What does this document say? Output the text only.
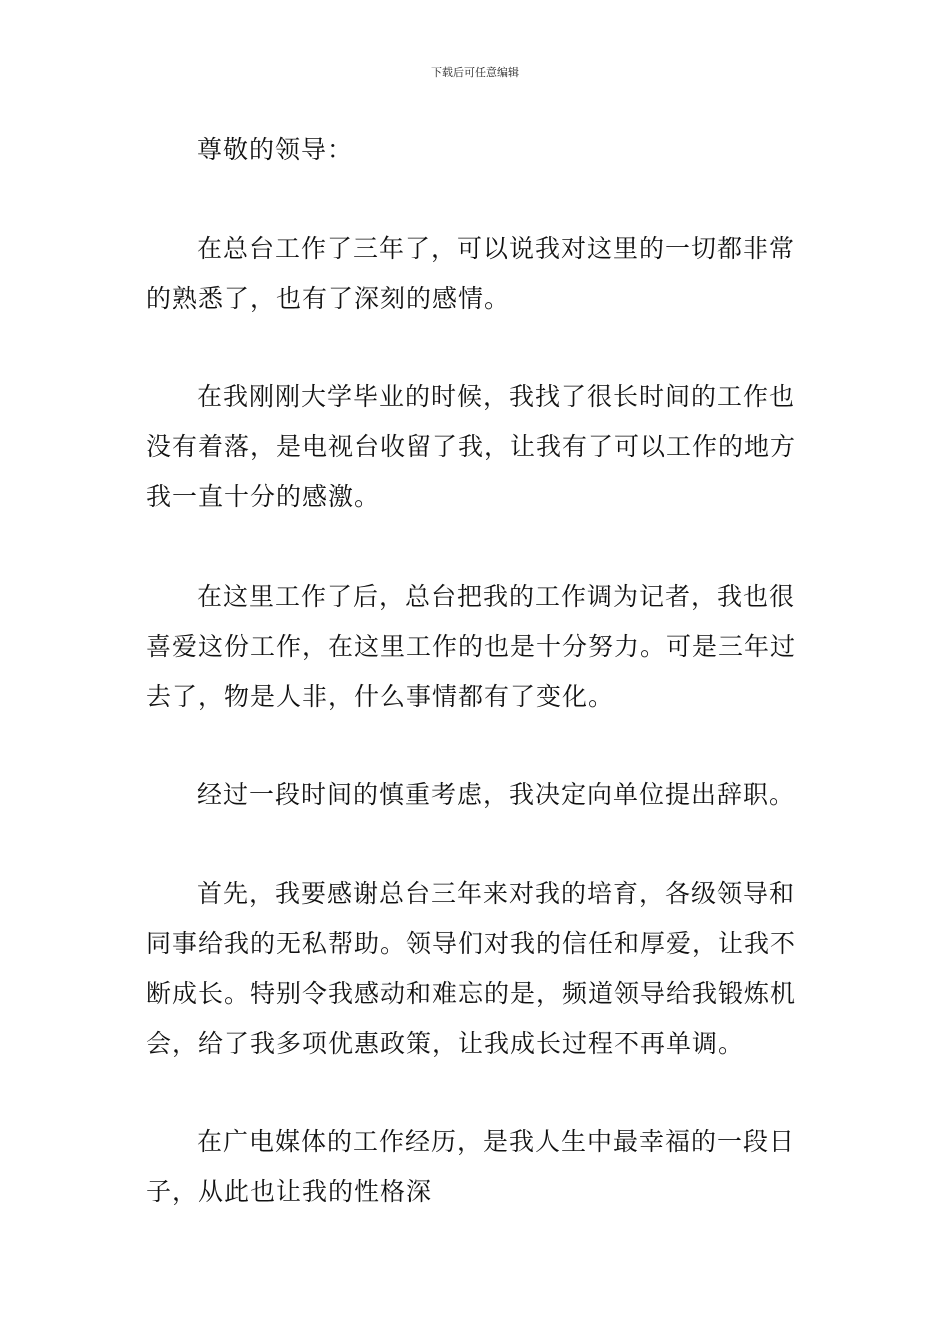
下载后可任意编辑
尊敬的领导：
在总台工作了三年了，可以说我对这里的一切都非常
的熟悉了，也有了深刻的感情。
在我刚刚大学毕业的时候，我找了很长时间的工作也
没有着落，是电视台收留了我，让我有了可以工作的地方
我一直十分的感激。
在这里工作了后，总台把我的工作调为记者，我也很
喜爱这份工作，在这里工作的也是十分努力。可是三年过
去了，物是人非，什么事情都有了变化。
经过一段时间的慎重考虑，我决定向单位提出辞职。
首先，我要感谢总台三年来对我的培育，各级领导和
同事给我的无私帮助。领导们对我的信任和厚爱，让我不
断成长。特别令我感动和难忘的是，频道领导给我锻炼机
会，给了我多项优惠政策，让我成长过程不再单调。
在广电媒体的工作经历，是我人生中最幸福的一段日
子，从此也让我的性格深
